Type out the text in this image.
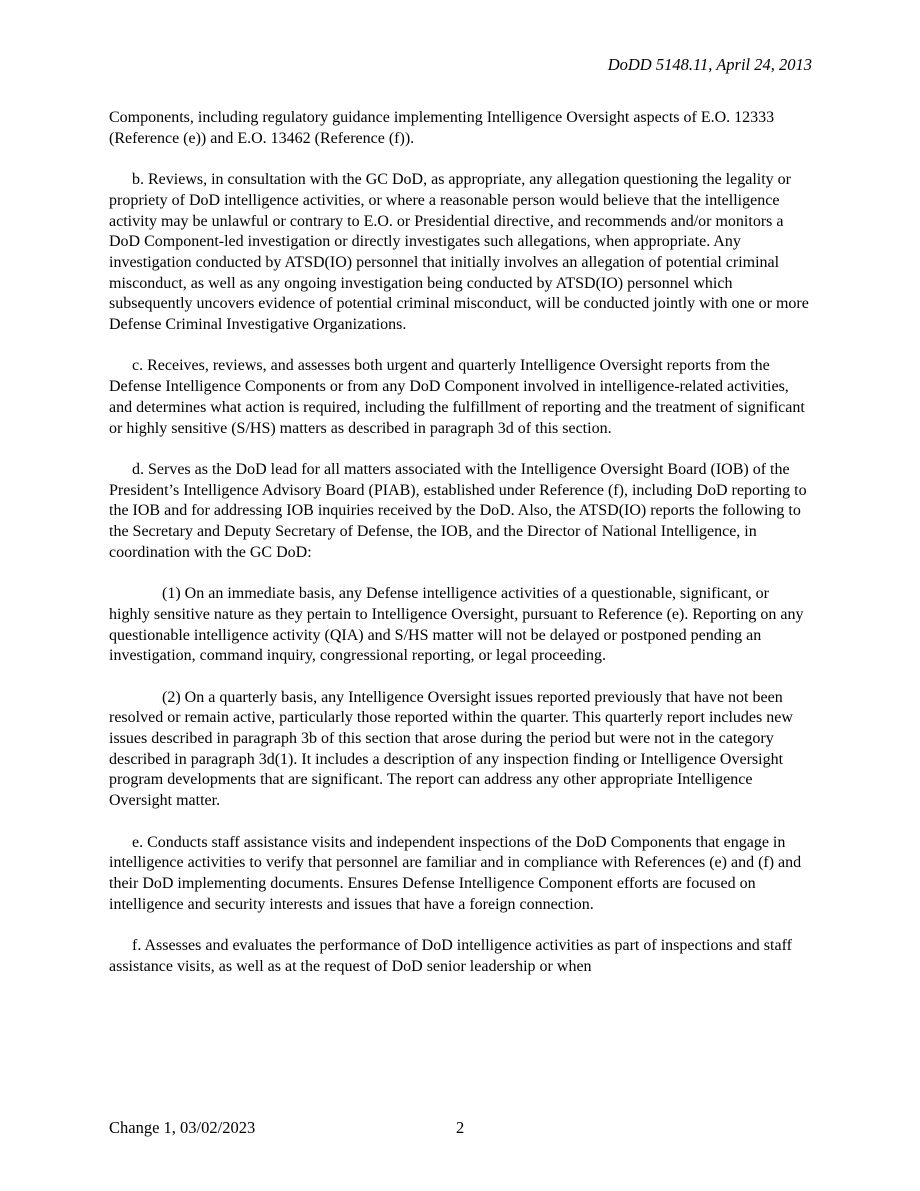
DoDD 5148.11, April 24, 2013

Components, including regulatory guidance implementing Intelligence Oversight aspects of E.O. 12333 (Reference (e)) and E.O. 13462 (Reference (f)).

b. Reviews, in consultation with the GC DoD, as appropriate, any allegation questioning the legality or propriety of DoD intelligence activities, or where a reasonable person would believe that the intelligence activity may be unlawful or contrary to E.O. or Presidential directive, and recommends and/or monitors a DoD Component-led investigation or directly investigates such allegations, when appropriate. Any investigation conducted by ATSD(IO) personnel that initially involves an allegation of potential criminal misconduct, as well as any ongoing investigation being conducted by ATSD(IO) personnel which subsequently uncovers evidence of potential criminal misconduct, will be conducted jointly with one or more Defense Criminal Investigative Organizations.

c. Receives, reviews, and assesses both urgent and quarterly Intelligence Oversight reports from the Defense Intelligence Components or from any DoD Component involved in intelligence-related activities, and determines what action is required, including the fulfillment of reporting and the treatment of significant or highly sensitive (S/HS) matters as described in paragraph 3d of this section.

d. Serves as the DoD lead for all matters associated with the Intelligence Oversight Board (IOB) of the President’s Intelligence Advisory Board (PIAB), established under Reference (f), including DoD reporting to the IOB and for addressing IOB inquiries received by the DoD. Also, the ATSD(IO) reports the following to the Secretary and Deputy Secretary of Defense, the IOB, and the Director of National Intelligence, in coordination with the GC DoD:

(1) On an immediate basis, any Defense intelligence activities of a questionable, significant, or highly sensitive nature as they pertain to Intelligence Oversight, pursuant to Reference (e). Reporting on any questionable intelligence activity (QIA) and S/HS matter will not be delayed or postponed pending an investigation, command inquiry, congressional reporting, or legal proceeding.

(2) On a quarterly basis, any Intelligence Oversight issues reported previously that have not been resolved or remain active, particularly those reported within the quarter. This quarterly report includes new issues described in paragraph 3b of this section that arose during the period but were not in the category described in paragraph 3d(1). It includes a description of any inspection finding or Intelligence Oversight program developments that are significant. The report can address any other appropriate Intelligence Oversight matter.

e. Conducts staff assistance visits and independent inspections of the DoD Components that engage in intelligence activities to verify that personnel are familiar and in compliance with References (e) and (f) and their DoD implementing documents. Ensures Defense Intelligence Component efforts are focused on intelligence and security interests and issues that have a foreign connection.

f. Assesses and evaluates the performance of DoD intelligence activities as part of inspections and staff assistance visits, as well as at the request of DoD senior leadership or when

Change 1, 03/02/2023	2
